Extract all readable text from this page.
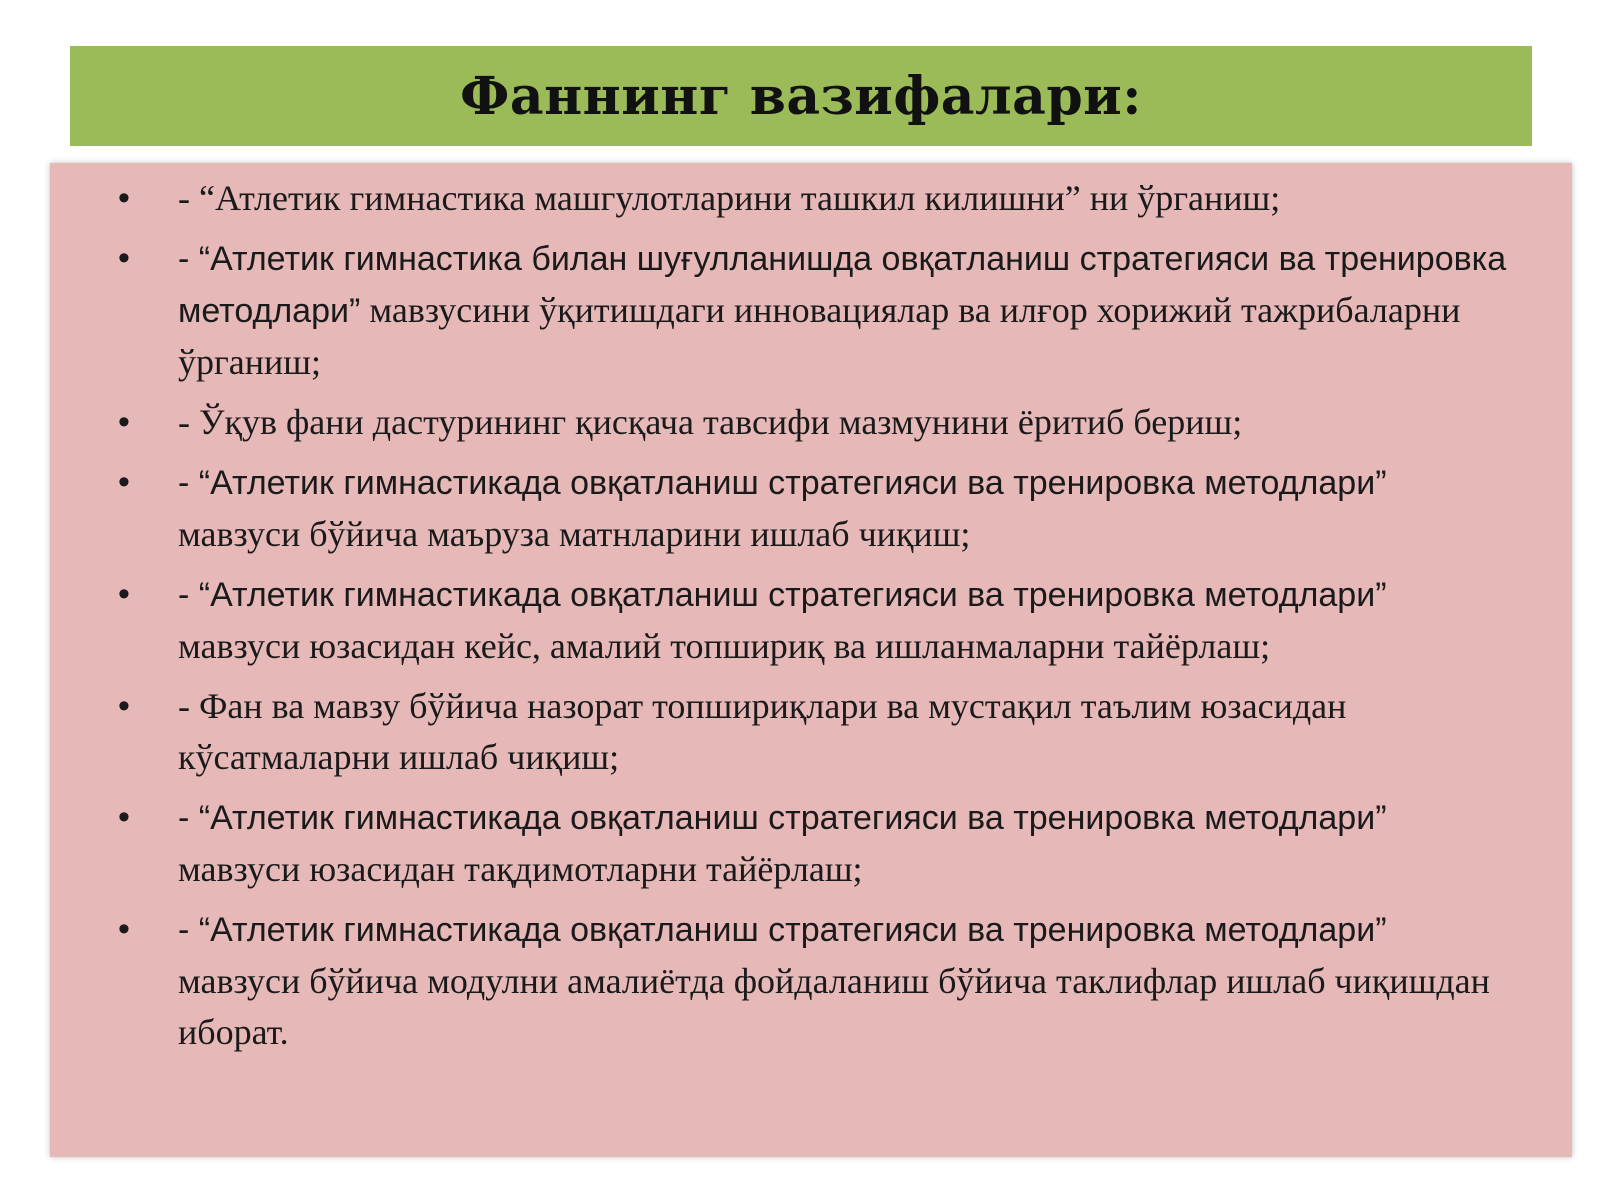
Фаннинг вазифалари:
• - “Атлетик гимнастика машгулотларини ташкил килишни” ни ўрганиш;
• - “Атлетик гимнастика билан шуғулланишда овқатланиш стратегияси ва тренировка методлари” мавзусини ўқитишдаги инновациялар ва илғор хорижий тажрибаларни ўрганиш;
• - Ўқув фани дастурининг қисқача тавсифи мазмунини ёритиб бериш;
• - “Атлетик гимнастикада овқатланиш стратегияси ва тренировка методлари” мавзуси бўйича маъруза матнларини ишлаб чиқиш;
• - “Атлетик гимнастикада овқатланиш стратегияси ва тренировка методлари” мавзуси юзасидан кейс, амалий топшириқ ва ишланмаларни тайёрлаш;
• - Фан ва мавзу бўйича назорат топшириқлари ва мустақил таълим юзасидан кўсатмаларни ишлаб чиқиш;
• - “Атлетик гимнастикада овқатланиш стратегияси ва тренировка методлари” мавзуси юзасидан тақдимотларни тайёрлаш;
• - “Атлетик гимнастикада овқатланиш стратегияси ва тренировка методлари” мавзуси бўйича модулни амалиётда фойдаланиш бўйича таклифлар ишлаб чиқишдан иборат.
